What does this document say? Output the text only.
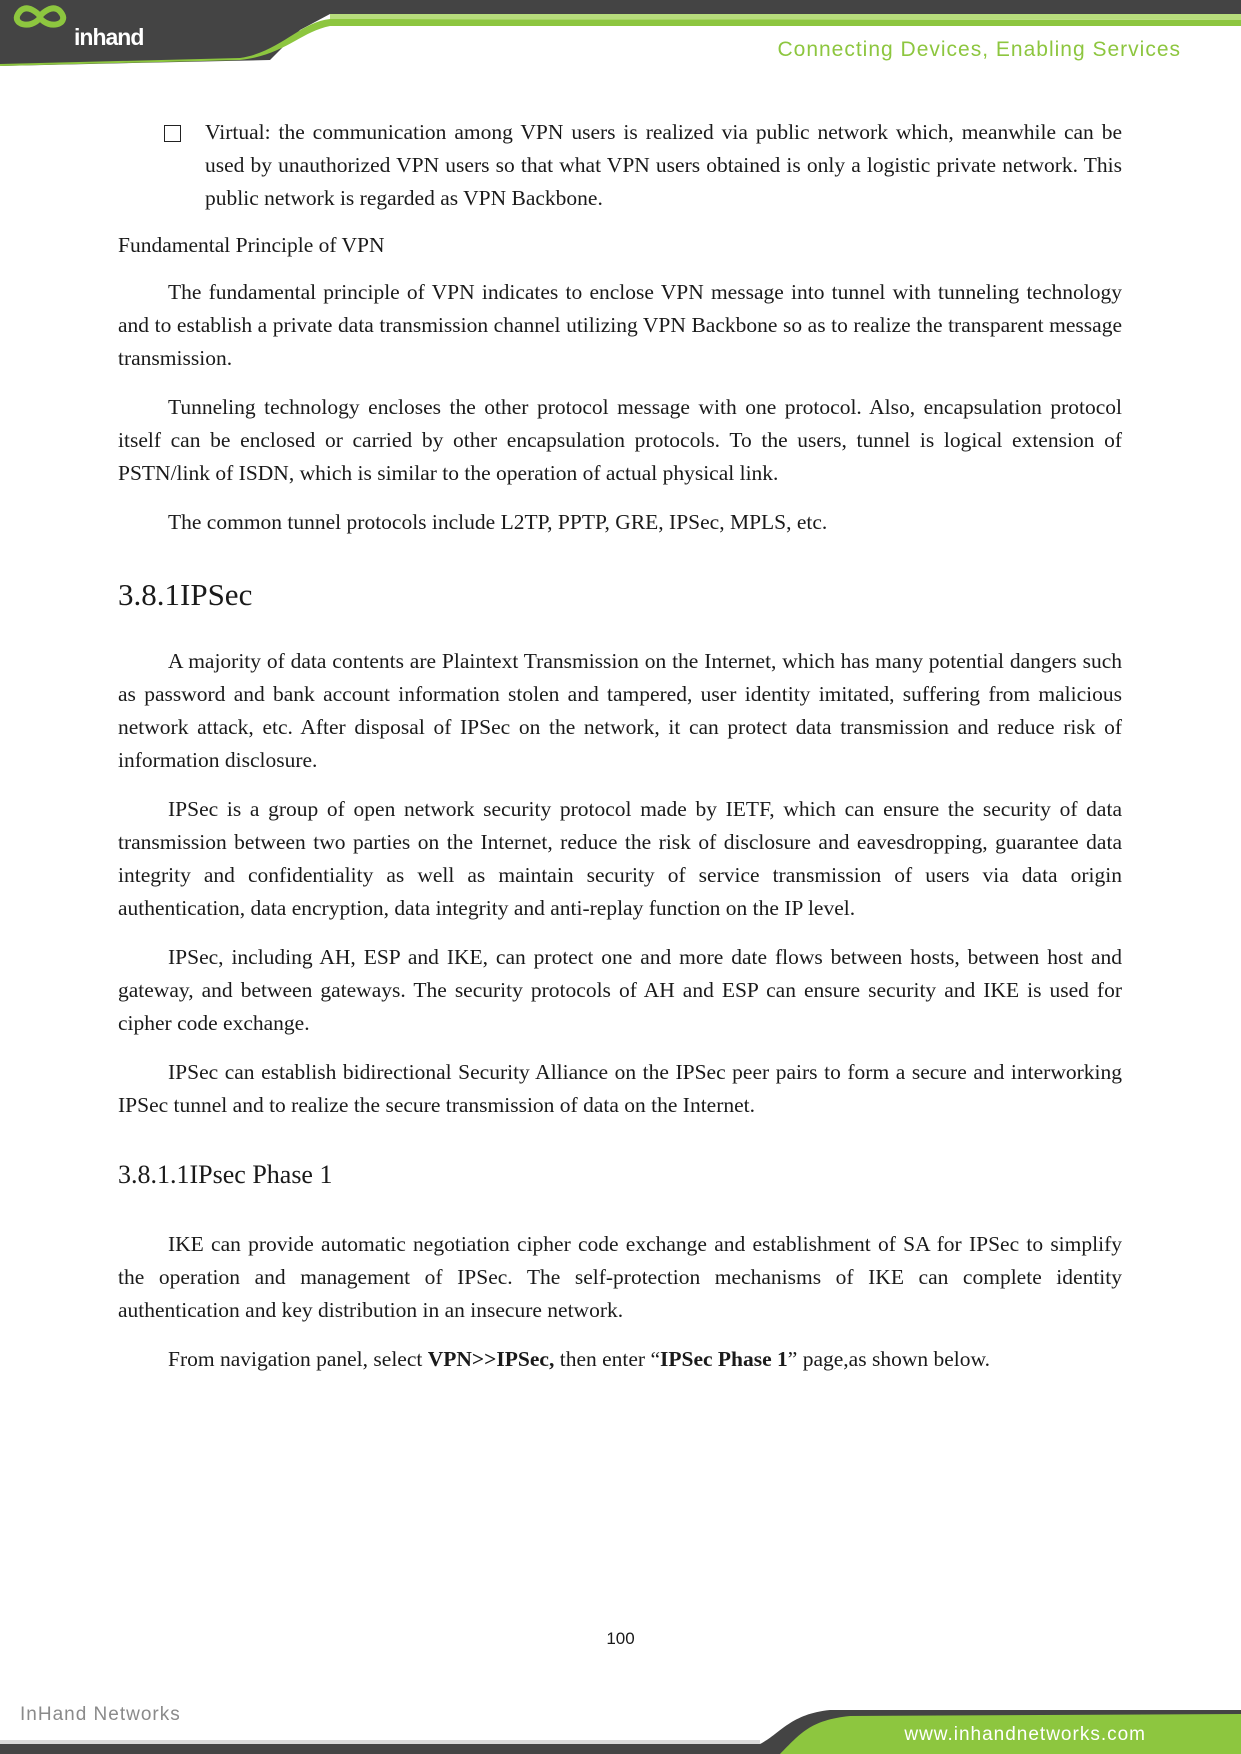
inhand	Connecting Devices, Enabling Services
Virtual: the communication among VPN users is realized via public network which, meanwhile can be used by unauthorized VPN users so that what VPN users obtained is only a logistic private network. This public network is regarded as VPN Backbone.
Fundamental Principle of VPN

The fundamental principle of VPN indicates to enclose VPN message into tunnel with tunneling technology and to establish a private data transmission channel utilizing VPN Backbone so as to realize the transparent message transmission.

Tunneling technology encloses the other protocol message with one protocol. Also, encapsulation protocol itself can be enclosed or carried by other encapsulation protocols. To the users, tunnel is logical extension of PSTN/link of ISDN, which is similar to the operation of actual physical link.

The common tunnel protocols include L2TP, PPTP, GRE, IPSec, MPLS, etc.

3.8.1IPSec

A majority of data contents are Plaintext Transmission on the Internet, which has many potential dangers such as password and bank account information stolen and tampered, user identity imitated, suffering from malicious network attack, etc. After disposal of IPSec on the network, it can protect data transmission and reduce risk of information disclosure.

IPSec is a group of open network security protocol made by IETF, which can ensure the security of data transmission between two parties on the Internet, reduce the risk of disclosure and eavesdropping, guarantee data integrity and confidentiality as well as maintain security of service transmission of users via data origin authentication, data encryption, data integrity and anti-replay function on the IP level.

IPSec, including AH, ESP and IKE, can protect one and more date flows between hosts, between host and gateway, and between gateways. The security protocols of AH and ESP can ensure security and IKE is used for cipher code exchange.

IPSec can establish bidirectional Security Alliance on the IPSec peer pairs to form a secure and interworking IPSec tunnel and to realize the secure transmission of data on the Internet.

3.8.1.1IPsec Phase 1

IKE can provide automatic negotiation cipher code exchange and establishment of SA for IPSec to simplify the operation and management of IPSec. The self-protection mechanisms of IKE can complete identity authentication and key distribution in an insecure network.

From navigation panel, select VPN>>IPSec, then enter “IPSec Phase 1” page,as shown below.

100
InHand Networks
www.inhandnetworks.com
